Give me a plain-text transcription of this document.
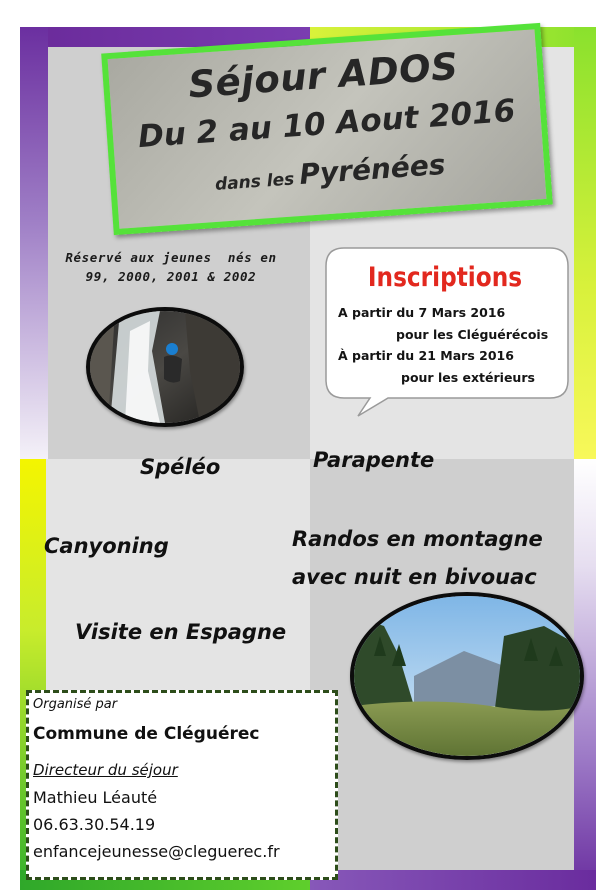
Séjour ADOS
Du 2 au 10 Aout 2016
dans les Pyrénées
Réservé aux jeunes  nés en
99, 2000, 2001 & 2002	Inscriptions
A partir du 7 Mars 2016
pour les Cléguérécois
À partir du 21 Mars 2016
pour les extérieurs
Spéléo	Parapente
Canyoning	Randos en montagne
avec nuit en bivouac
Visite en Espagne
Organisé par
Commune de Cléguérec
Directeur du séjour
Mathieu Léauté
06.63.30.54.19
enfancejeunesse@cleguerec.fr
